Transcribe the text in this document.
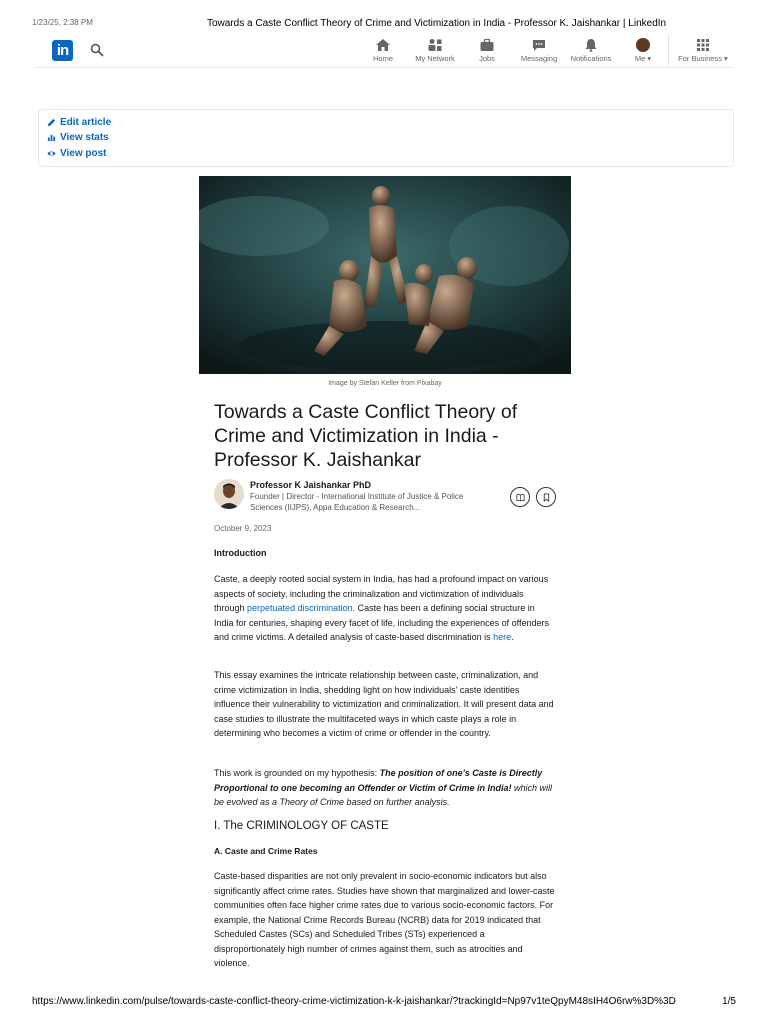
1/23/25, 2:38 PM	Towards a Caste Conflict Theory of Crime and Victimization in India - Professor K. Jaishankar | LinkedIn
in	Home	My Network	Jobs	Messaging	Notifications	Me ▾	For Business ▾
Edit article
View stats
View post
Image by Stefan Keller from Pixabay
Towards a Caste Conflict Theory of Crime and Victimization in India - Professor K. Jaishankar
Professor K Jaishankar PhD
Founder | Director - International Institute of Justice & Police Sciences (IIJPS), Appa Education & Research...
October 9, 2023
Introduction

Caste, a deeply rooted social system in India, has had a profound impact on various aspects of society, including the criminalization and victimization of individuals through perpetuated discrimination. Caste has been a defining social structure in India for centuries, shaping every facet of life, including the experiences of offenders and crime victims. A detailed analysis of caste-based discrimination is here.

This essay examines the intricate relationship between caste, criminalization, and crime victimization in India, shedding light on how individuals' caste identities influence their vulnerability to victimization and criminalization. It will present data and case studies to illustrate the multifaceted ways in which caste plays a role in determining who becomes a victim of crime or offender in the country.

This work is grounded on my hypothesis: The position of one's Caste is Directly Proportional to one becoming an Offender or Victim of Crime in India! which will be evolved as a Theory of Crime based on further analysis.

I. The CRIMINOLOGY OF CASTE
A. Caste and Crime Rates

Caste-based disparities are not only prevalent in socio-economic indicators but also significantly affect crime rates. Studies have shown that marginalized and lower-caste communities often face higher crime rates due to various socio-economic factors. For example, the National Crime Records Bureau (NCRB) data for 2019 indicated that Scheduled Castes (SCs) and Scheduled Tribes (STs) experienced a disproportionately high number of crimes against them, such as atrocities and violence.

https://www.linkedin.com/pulse/towards-caste-conflict-theory-crime-victimization-k-k-jaishankar/?trackingId=Np97v1teQpyM48sIH4O6rw%3D%3D	1/5
